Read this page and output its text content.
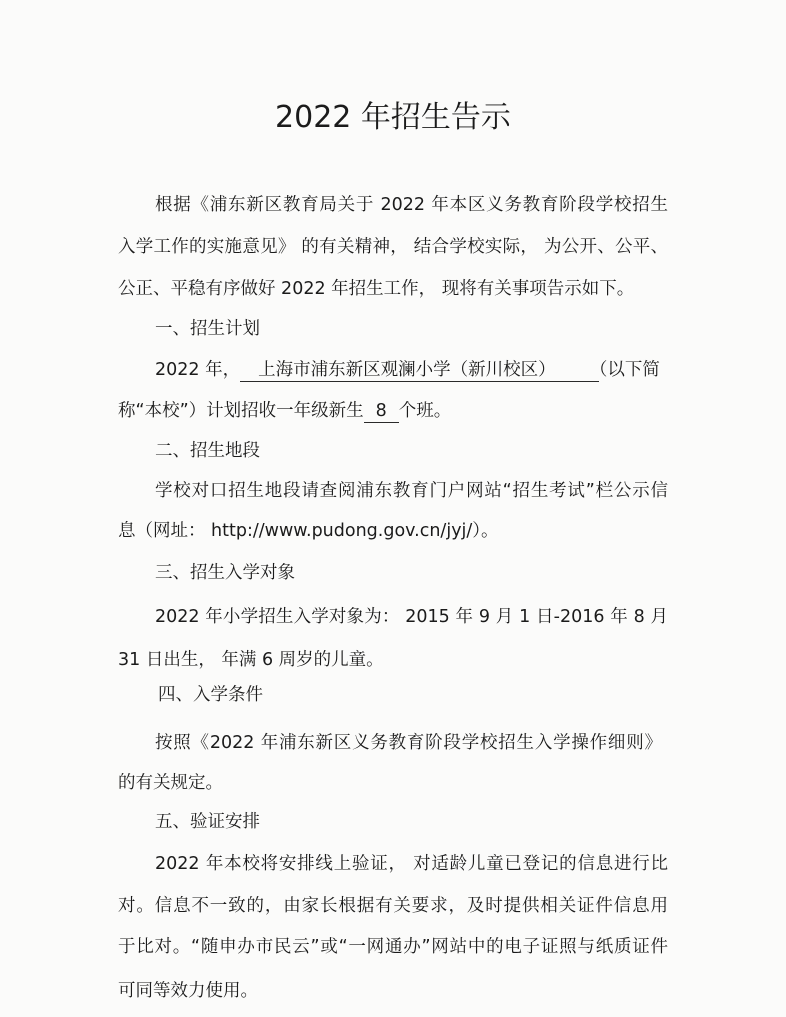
2022 年招生告示
根据《浦东新区教育局关于 2022 年本区义务教育阶段学校招生
入学工作的实施意见》 的有关精神， 结合学校实际， 为公开、公平、
公正、平稳有序做好 2022 年招生工作， 现将有关事项告示如下。
一、招生计划
2022 年， 上海市浦东新区观澜小学（新川校区） （以下简
称“本校”）计划招收一年级新生 8 个班。
二、招生地段
学校对口招生地段请查阅浦东教育门户网站“招生考试”栏公示信
息（网址： http://www.pudong.gov.cn/jyj/）。
三、招生入学对象
2022 年小学招生入学对象为： 2015 年 9 月 1 日-2016 年 8 月
31 日出生， 年满 6 周岁的儿童。
四、入学条件
按照《2022 年浦东新区义务教育阶段学校招生入学操作细则》
的有关规定。
五、验证安排
2022 年本校将安排线上验证， 对适龄儿童已登记的信息进行比
对。信息不一致的，由家长根据有关要求，及时提供相关证件信息用
于比对。“随申办市民云”或“一网通办”网站中的电子证照与纸质证件
可同等效力使用。
